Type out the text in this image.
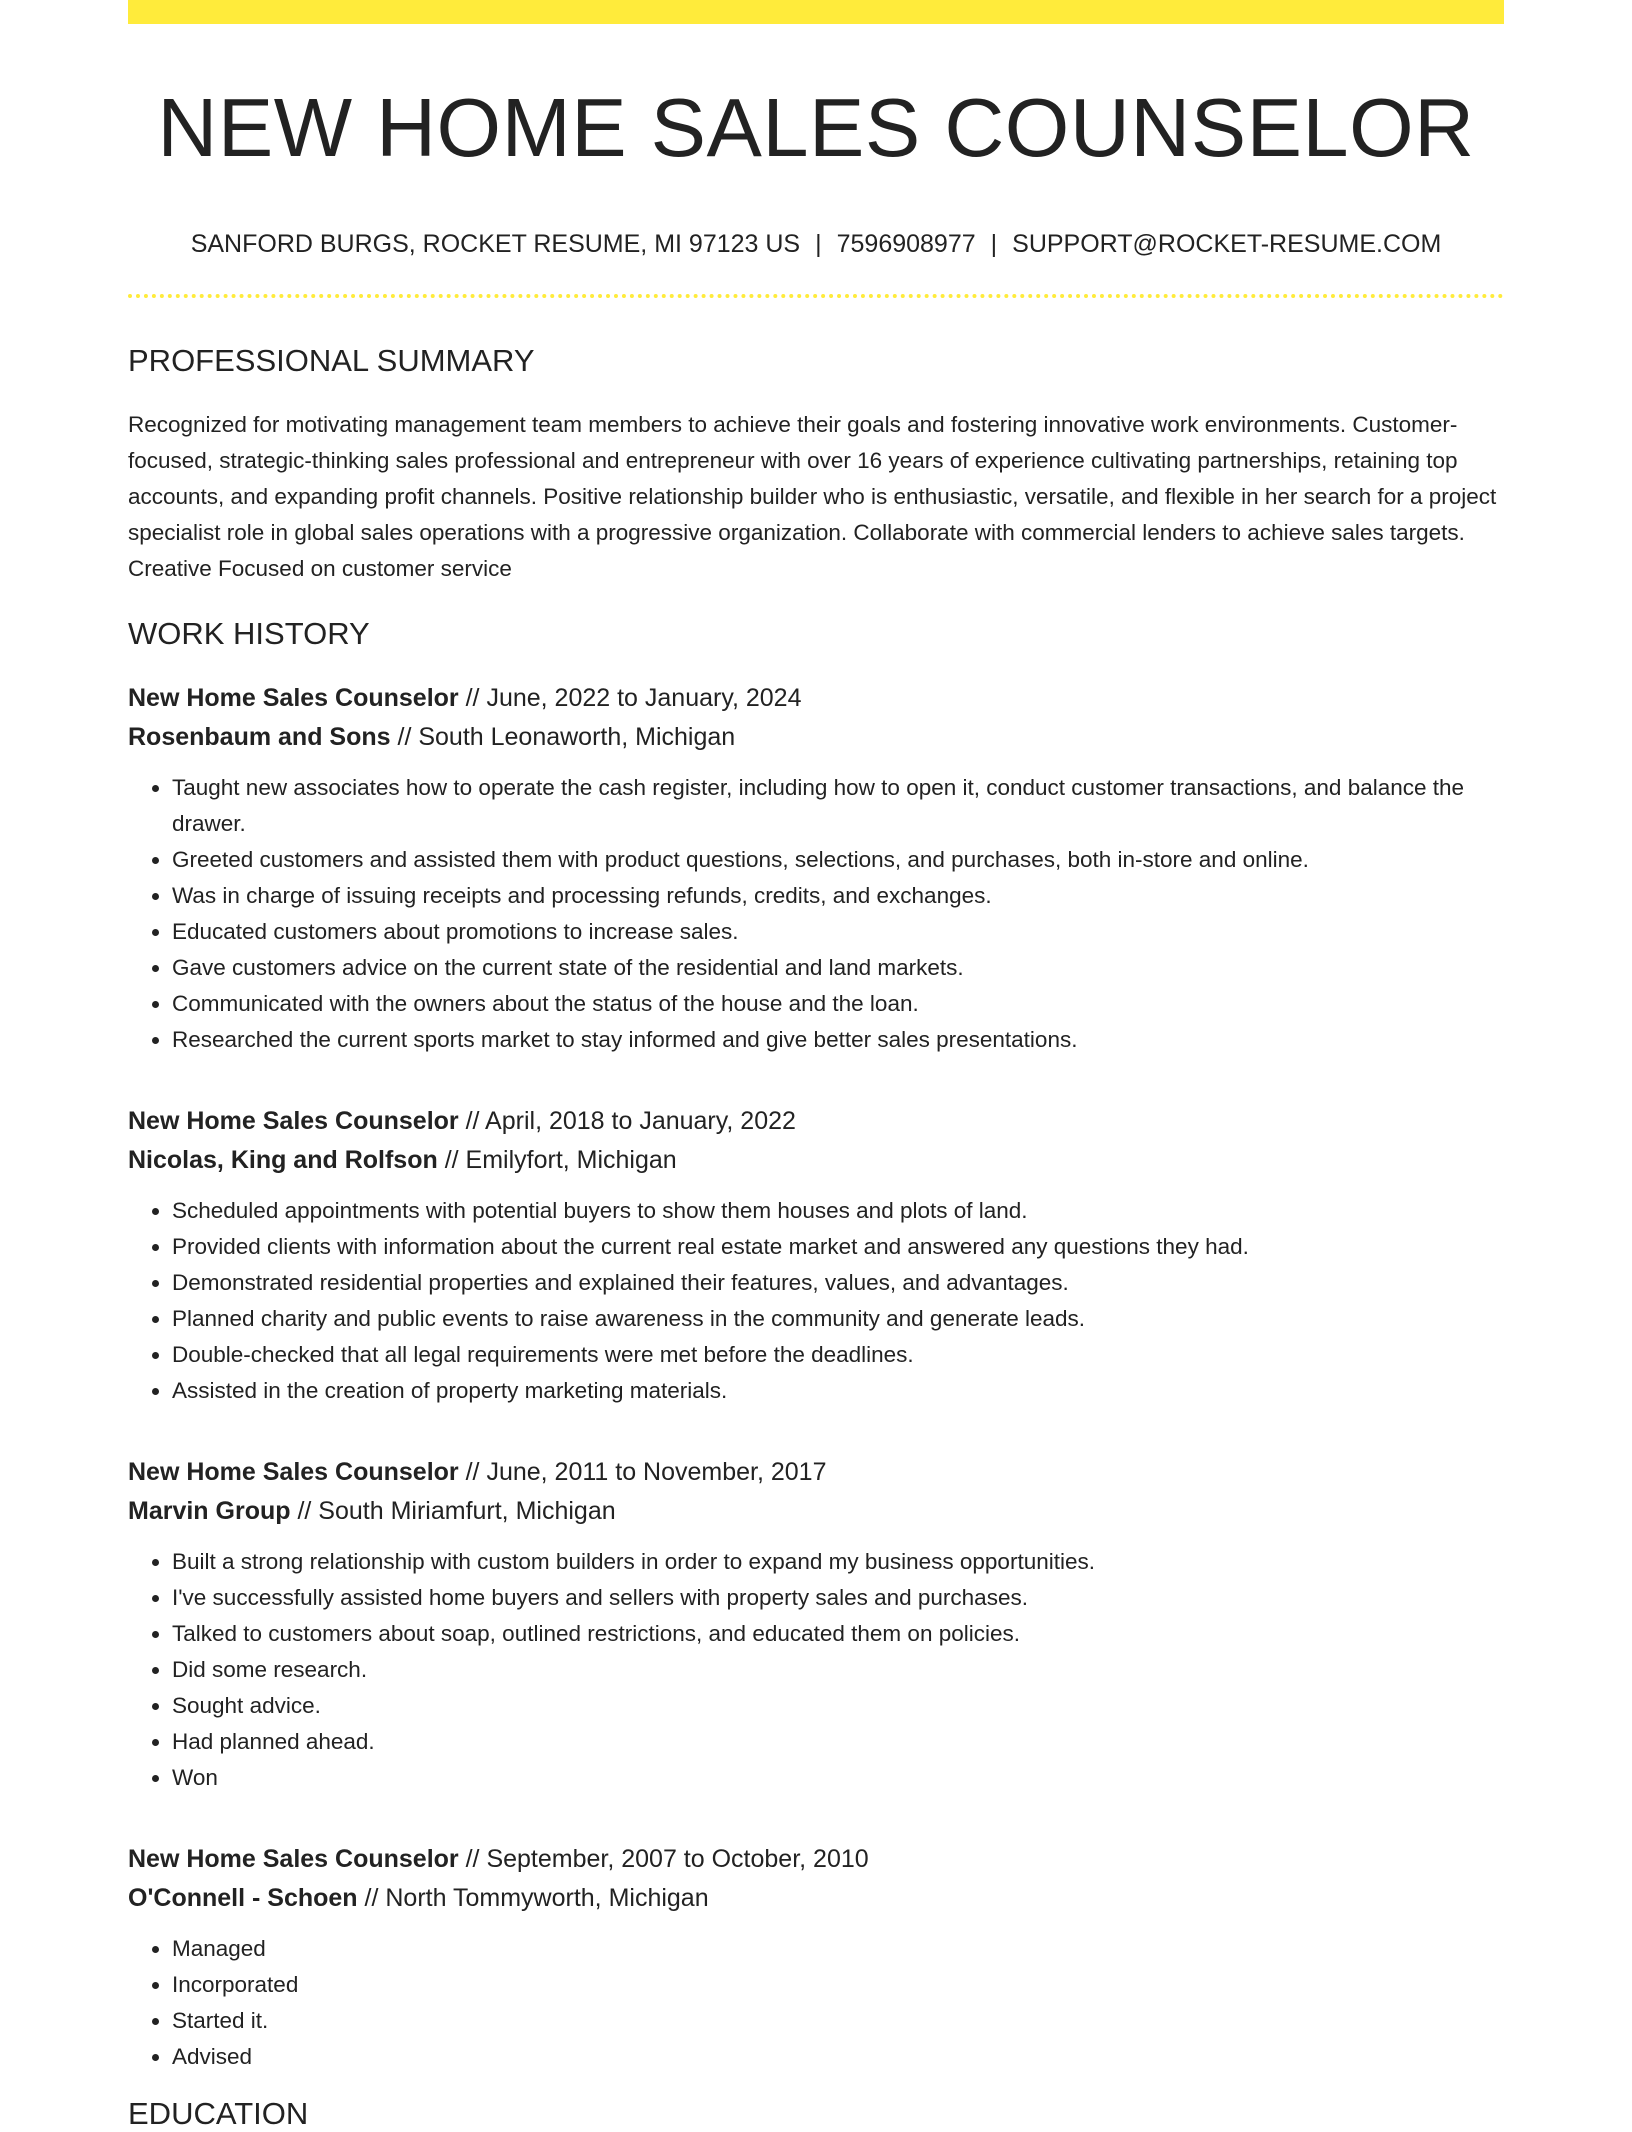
NEW HOME SALES COUNSELOR
SANFORD BURGS, ROCKET RESUME, MI 97123 US | 7596908977 | SUPPORT@ROCKET-RESUME.COM
PROFESSIONAL SUMMARY

Recognized for motivating management team members to achieve their goals and fostering innovative work environments. Customer-focused, strategic-thinking sales professional and entrepreneur with over 16 years of experience cultivating partnerships, retaining top accounts, and expanding profit channels. Positive relationship builder who is enthusiastic, versatile, and flexible in her search for a project specialist role in global sales operations with a progressive organization. Collaborate with commercial lenders to achieve sales targets. Creative Focused on customer service

WORK HISTORY
New Home Sales Counselor // June, 2022 to January, 2024
Rosenbaum and Sons // South Leonaworth, Michigan
• Taught new associates how to operate the cash register, including how to open it, conduct customer transactions, and balance the drawer.
• Greeted customers and assisted them with product questions, selections, and purchases, both in-store and online.
• Was in charge of issuing receipts and processing refunds, credits, and exchanges.
• Educated customers about promotions to increase sales.
• Gave customers advice on the current state of the residential and land markets.
• Communicated with the owners about the status of the house and the loan.
• Researched the current sports market to stay informed and give better sales presentations.
New Home Sales Counselor // April, 2018 to January, 2022
Nicolas, King and Rolfson // Emilyfort, Michigan
• Scheduled appointments with potential buyers to show them houses and plots of land.
• Provided clients with information about the current real estate market and answered any questions they had.
• Demonstrated residential properties and explained their features, values, and advantages.
• Planned charity and public events to raise awareness in the community and generate leads.
• Double-checked that all legal requirements were met before the deadlines.
• Assisted in the creation of property marketing materials.
New Home Sales Counselor // June, 2011 to November, 2017
Marvin Group // South Miriamfurt, Michigan
• Built a strong relationship with custom builders in order to expand my business opportunities.
• I've successfully assisted home buyers and sellers with property sales and purchases.
• Talked to customers about soap, outlined restrictions, and educated them on policies.
• Did some research.
• Sought advice.
• Had planned ahead.
• Won
New Home Sales Counselor // September, 2007 to October, 2010
O'Connell - Schoen // North Tommyworth, Michigan
• Managed
• Incorporated
• Started it.
• Advised
EDUCATION
